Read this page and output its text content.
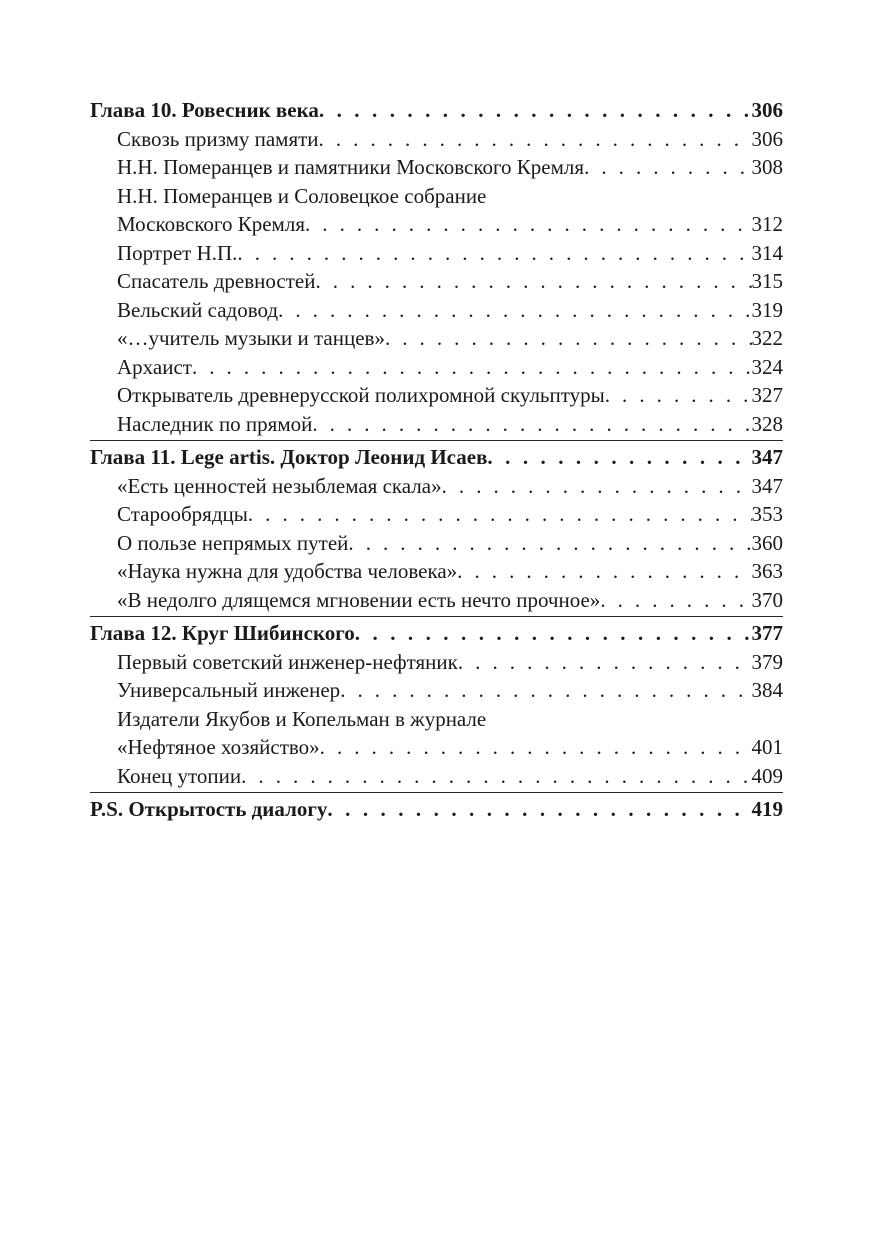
Глава 10. Ровесник века . . .	306
Сквозь призму памяти . . .	306
Н.Н. Померанцев и памятники Московского Кремля . . .	308
Н.Н. Померанцев и Соловецкое собрание
Московского Кремля . . .	312
Портрет Н.П. . . .	314
Спасатель древностей . . .	315
Вельский садовод . . .	319
«…учитель музыки и танцев» . . .	322
Архаист . . .	324
Открыватель древнерусской полихромной скульптуры . . .	327
Наследник по прямой . . .	328
Глава 11. Lege artis. Доктор Леонид Исаев . . .	347
«Есть ценностей незыблемая скала» . . .	347
Старообрядцы . . .	353
О пользе непрямых путей . . .	360
«Наука нужна для удобства человека» . . .	363
«В недолго длящемся мгновении есть нечто прочное» . . .	370
Глава 12. Круг Шибинского . . .	377
Первый советский инженер-нефтяник . . .	379
Универсальный инженер . . .	384
Издатели Якубов и Копельман в журнале
«Нефтяное хозяйство» . . .	401
Конец утопии . . .	409
P.S. Открытость диалогу . . .	419
